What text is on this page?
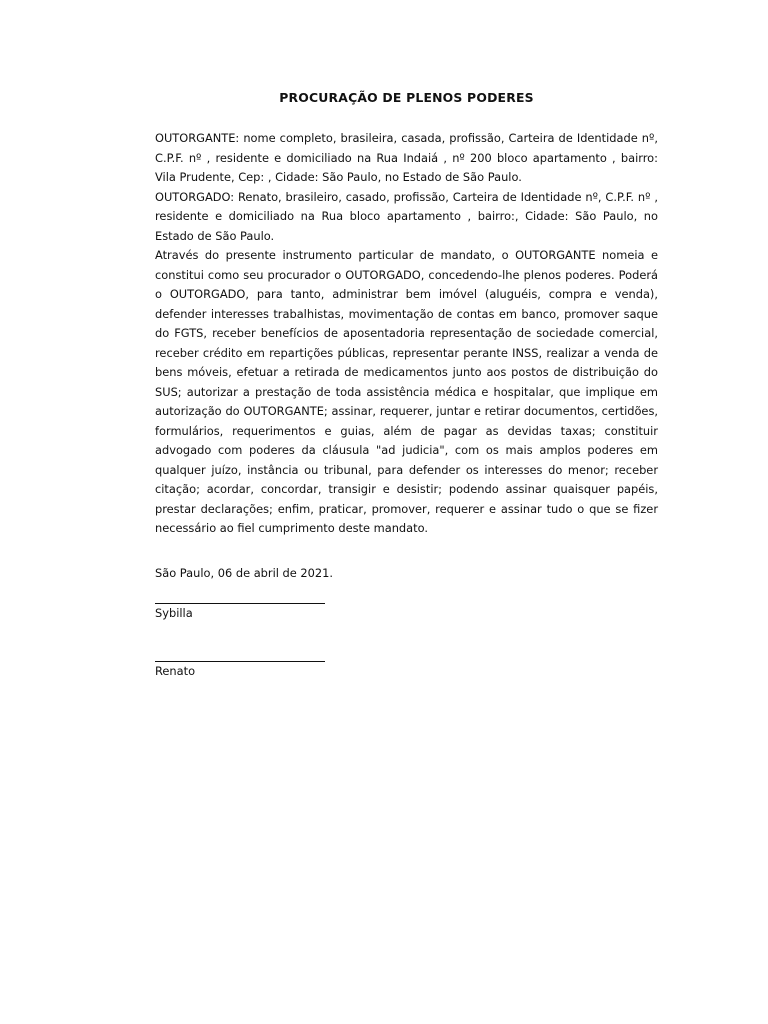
PROCURAÇÃO DE PLENOS PODERES

OUTORGANTE: nome completo, brasileira, casada, profissão, Carteira de Identidade nº, C.P.F. nº , residente e domiciliado na Rua Indaiá , nº 200 bloco apartamento , bairro: Vila Prudente, Cep: , Cidade: São Paulo, no Estado de São Paulo.

OUTORGADO: Renato, brasileiro, casado, profissão, Carteira de Identidade nº, C.P.F. nº , residente e domiciliado na Rua bloco apartamento , bairro:, Cidade: São Paulo, no Estado de São Paulo.

Através do presente instrumento particular de mandato, o OUTORGANTE nomeia e constitui como seu procurador o OUTORGADO, concedendo-lhe plenos poderes. Poderá o OUTORGADO, para tanto, administrar bem imóvel (aluguéis, compra e venda), defender interesses trabalhistas, movimentação de contas em banco, promover saque do FGTS, receber benefícios de aposentadoria representação de sociedade comercial, receber crédito em repartições públicas, representar perante INSS, realizar a venda de bens móveis, efetuar a retirada de medicamentos junto aos postos de distribuição do SUS; autorizar a prestação de toda assistência médica e hospitalar, que implique em autorização do OUTORGANTE; assinar, requerer, juntar e retirar documentos, certidões, formulários, requerimentos e guias, além de pagar as devidas taxas; constituir advogado com poderes da cláusula "ad judicia", com os mais amplos poderes em qualquer juízo, instância ou tribunal, para defender os interesses do menor; receber citação; acordar, concordar, transigir e desistir; podendo assinar quaisquer papéis, prestar declarações; enfim, praticar, promover, requerer e assinar tudo o que se fizer necessário ao fiel cumprimento deste mandato.

São Paulo, 06 de abril de 2021.
Sybilla
Renato
